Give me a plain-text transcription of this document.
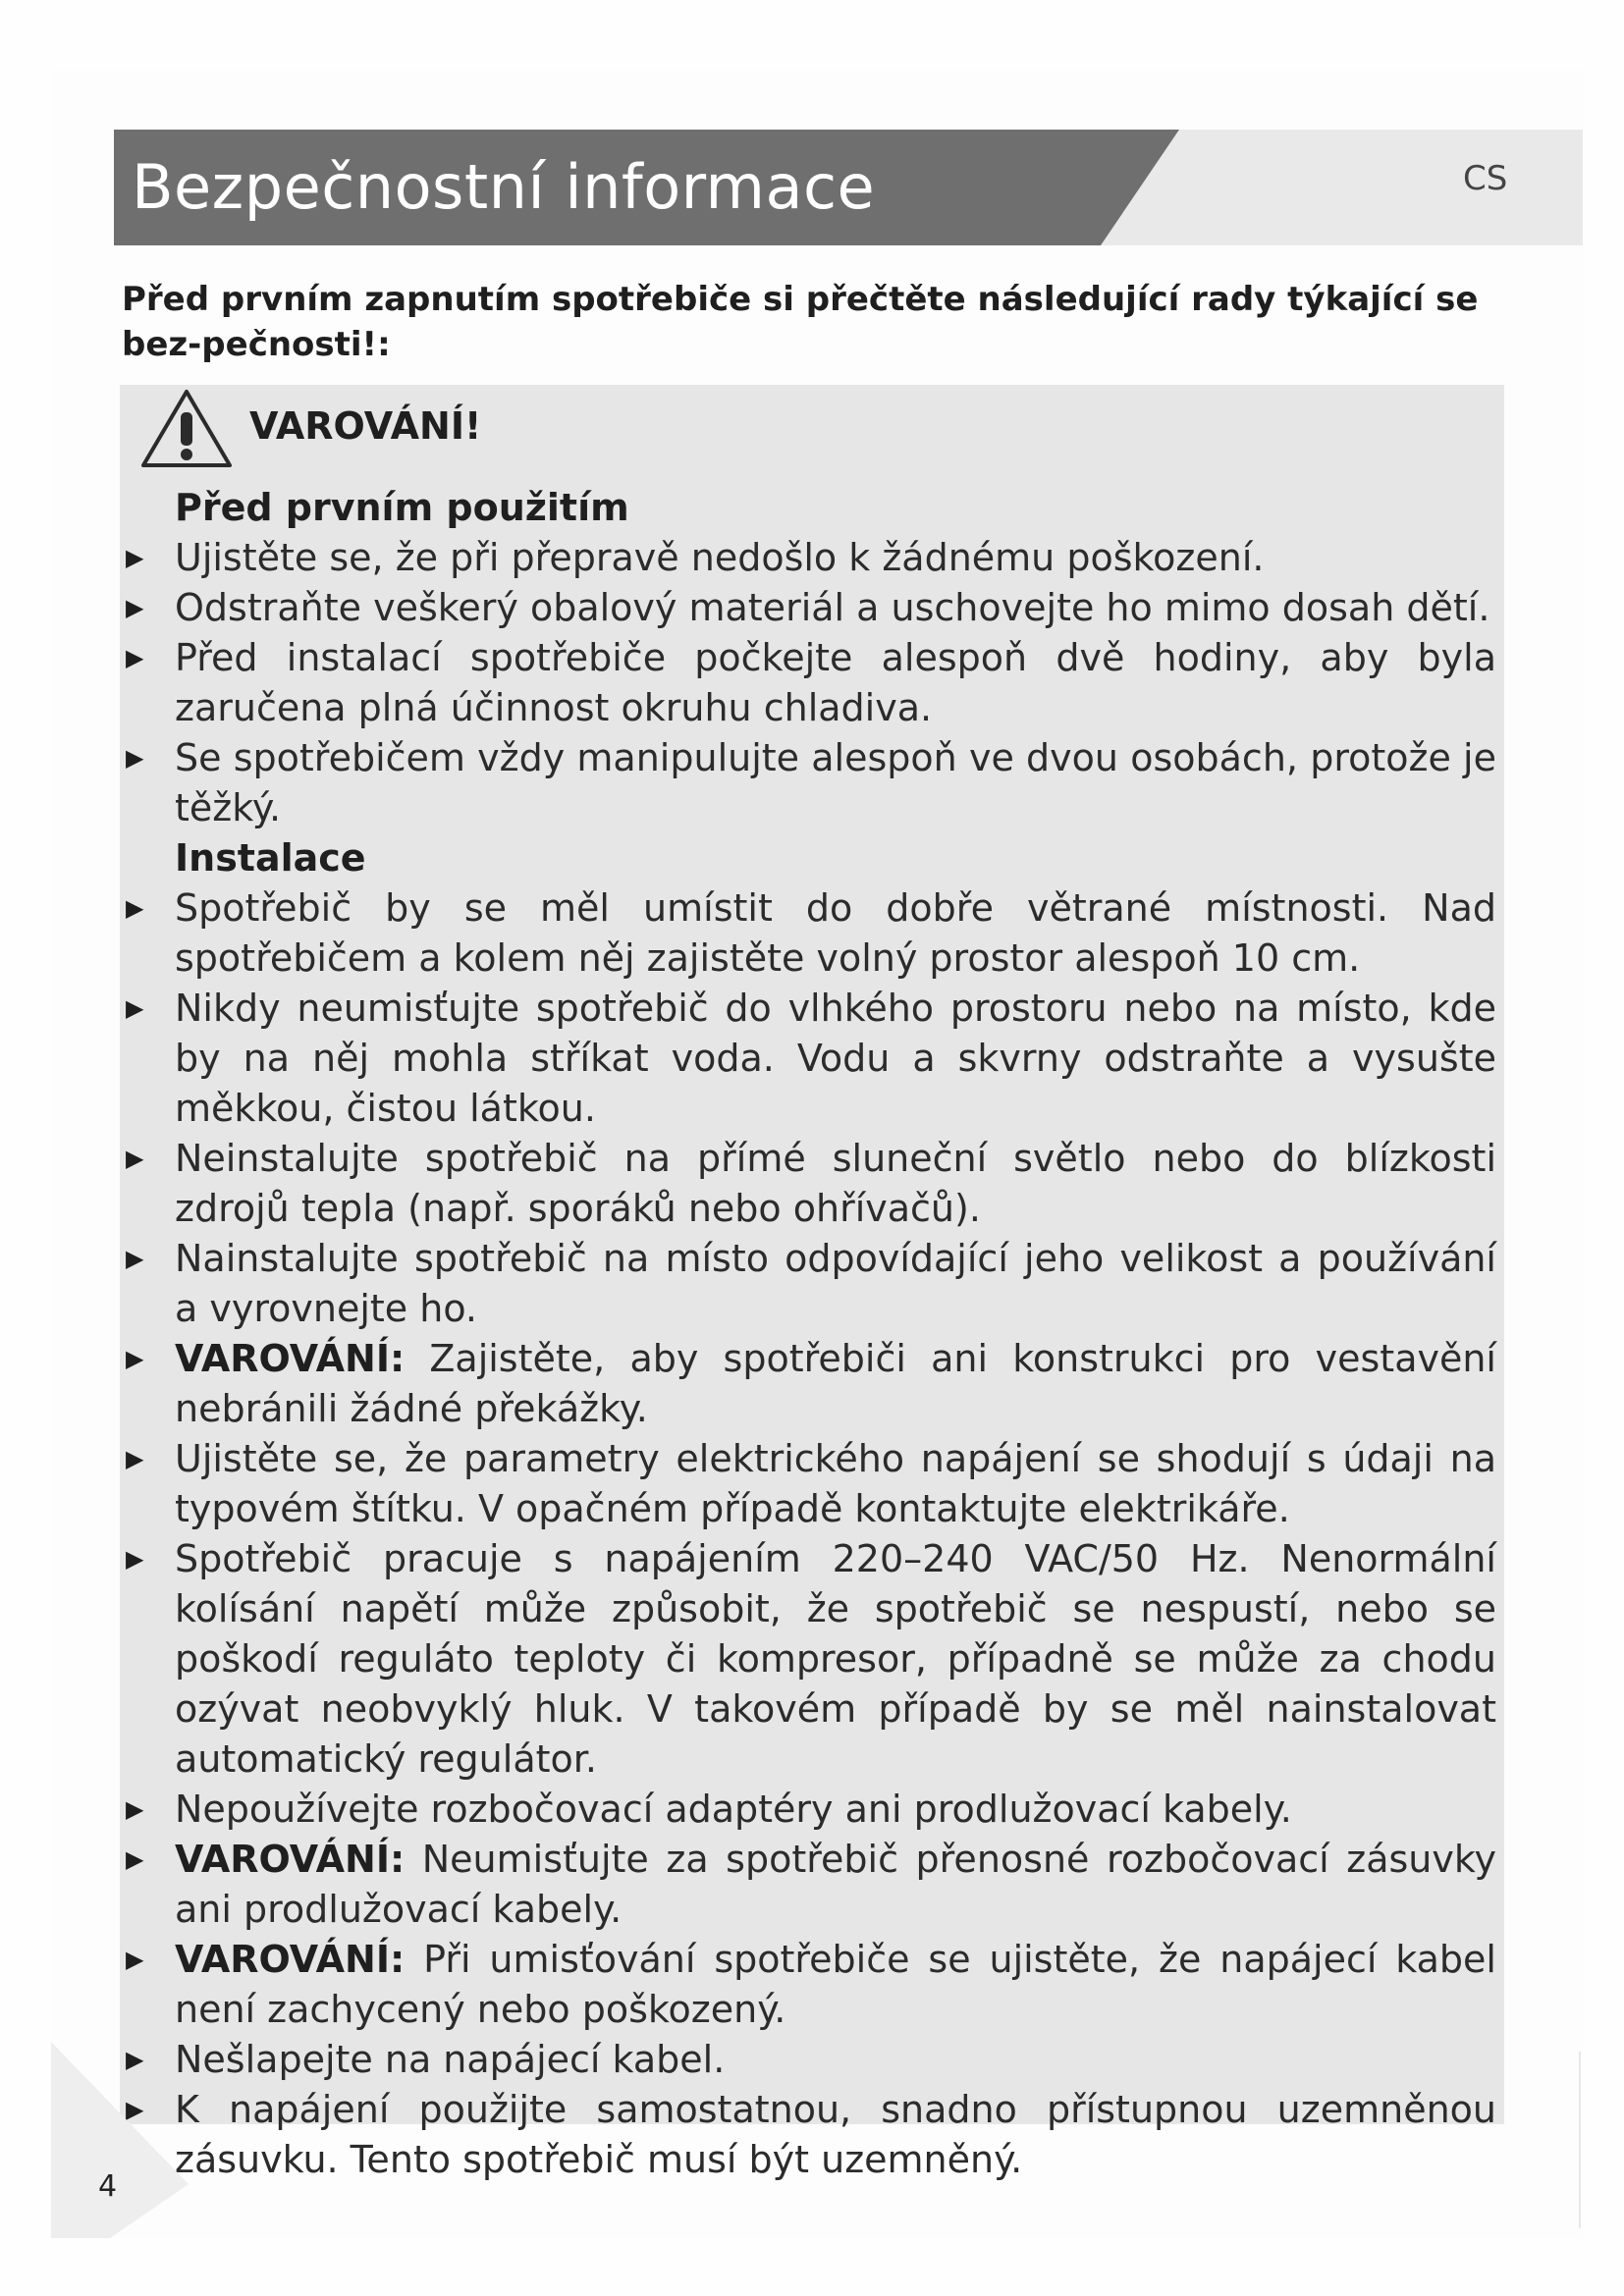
Bezpečnostní informace	CS
Před prvním zapnutím spotřebiče si přečtěte následující rady týkající se bez-pečnosti!:
VAROVÁNÍ!
Před prvním použitím
▶ Ujistěte se, že při přepravě nedošlo k žádnému poškození.
▶ Odstraňte veškerý obalový materiál a uschovejte ho mimo dosah dětí.
▶ Před instalací spotřebiče počkejte alespoň dvě hodiny, aby byla zaručena plná účinnost okruhu chladiva.
▶ Se spotřebičem vždy manipulujte alespoň ve dvou osobách, protože je těžký.
Instalace
▶ Spotřebič by se měl umístit do dobře větrané místnosti. Nad spotřebičem a kolem něj zajistěte volný prostor alespoň 10 cm.
▶ Nikdy neumisťujte spotřebič do vlhkého prostoru nebo na místo, kde by na něj mohla stříkat voda. Vodu a skvrny odstraňte a vysušte měkkou, čistou látkou.
▶ Neinstalujte spotřebič na přímé sluneční světlo nebo do blízkosti zdrojů tepla (např. sporáků nebo ohřívačů).
▶ Nainstalujte spotřebič na místo odpovídající jeho velikost a používání a vyrovnejte ho.
▶ VAROVÁNÍ: Zajistěte, aby spotřebiči ani konstrukci pro vestavění nebránili žádné překážky.
▶ Ujistěte se, že parametry elektrického napájení se shodují s údaji na typovém štítku. V opačném případě kontaktujte elektrikáře.
▶ Spotřebič pracuje s napájením 220–240 VAC/50 Hz. Nenormální kolísání napětí může způsobit, že spotřebič se nespustí, nebo se poškodí reguláto teploty či kompresor, případně se může za chodu ozývat neobvyklý hluk. V takovém případě by se měl nainstalovat automatický regulátor.
▶ Nepoužívejte rozbočovací adaptéry ani prodlužovací kabely.
▶ VAROVÁNÍ: Neumisťujte za spotřebič přenosné rozbočovací zásuvky ani prodlužovací kabely.
▶ VAROVÁNÍ: Při umisťování spotřebiče se ujistěte, že napájecí kabel není zachycený nebo poškozený.
▶ Nešlapejte na napájecí kabel.
▶ K napájení použijte samostatnou, snadno přístupnou uzemněnou zásuvku. Tento spotřebič musí být uzemněný.
4
